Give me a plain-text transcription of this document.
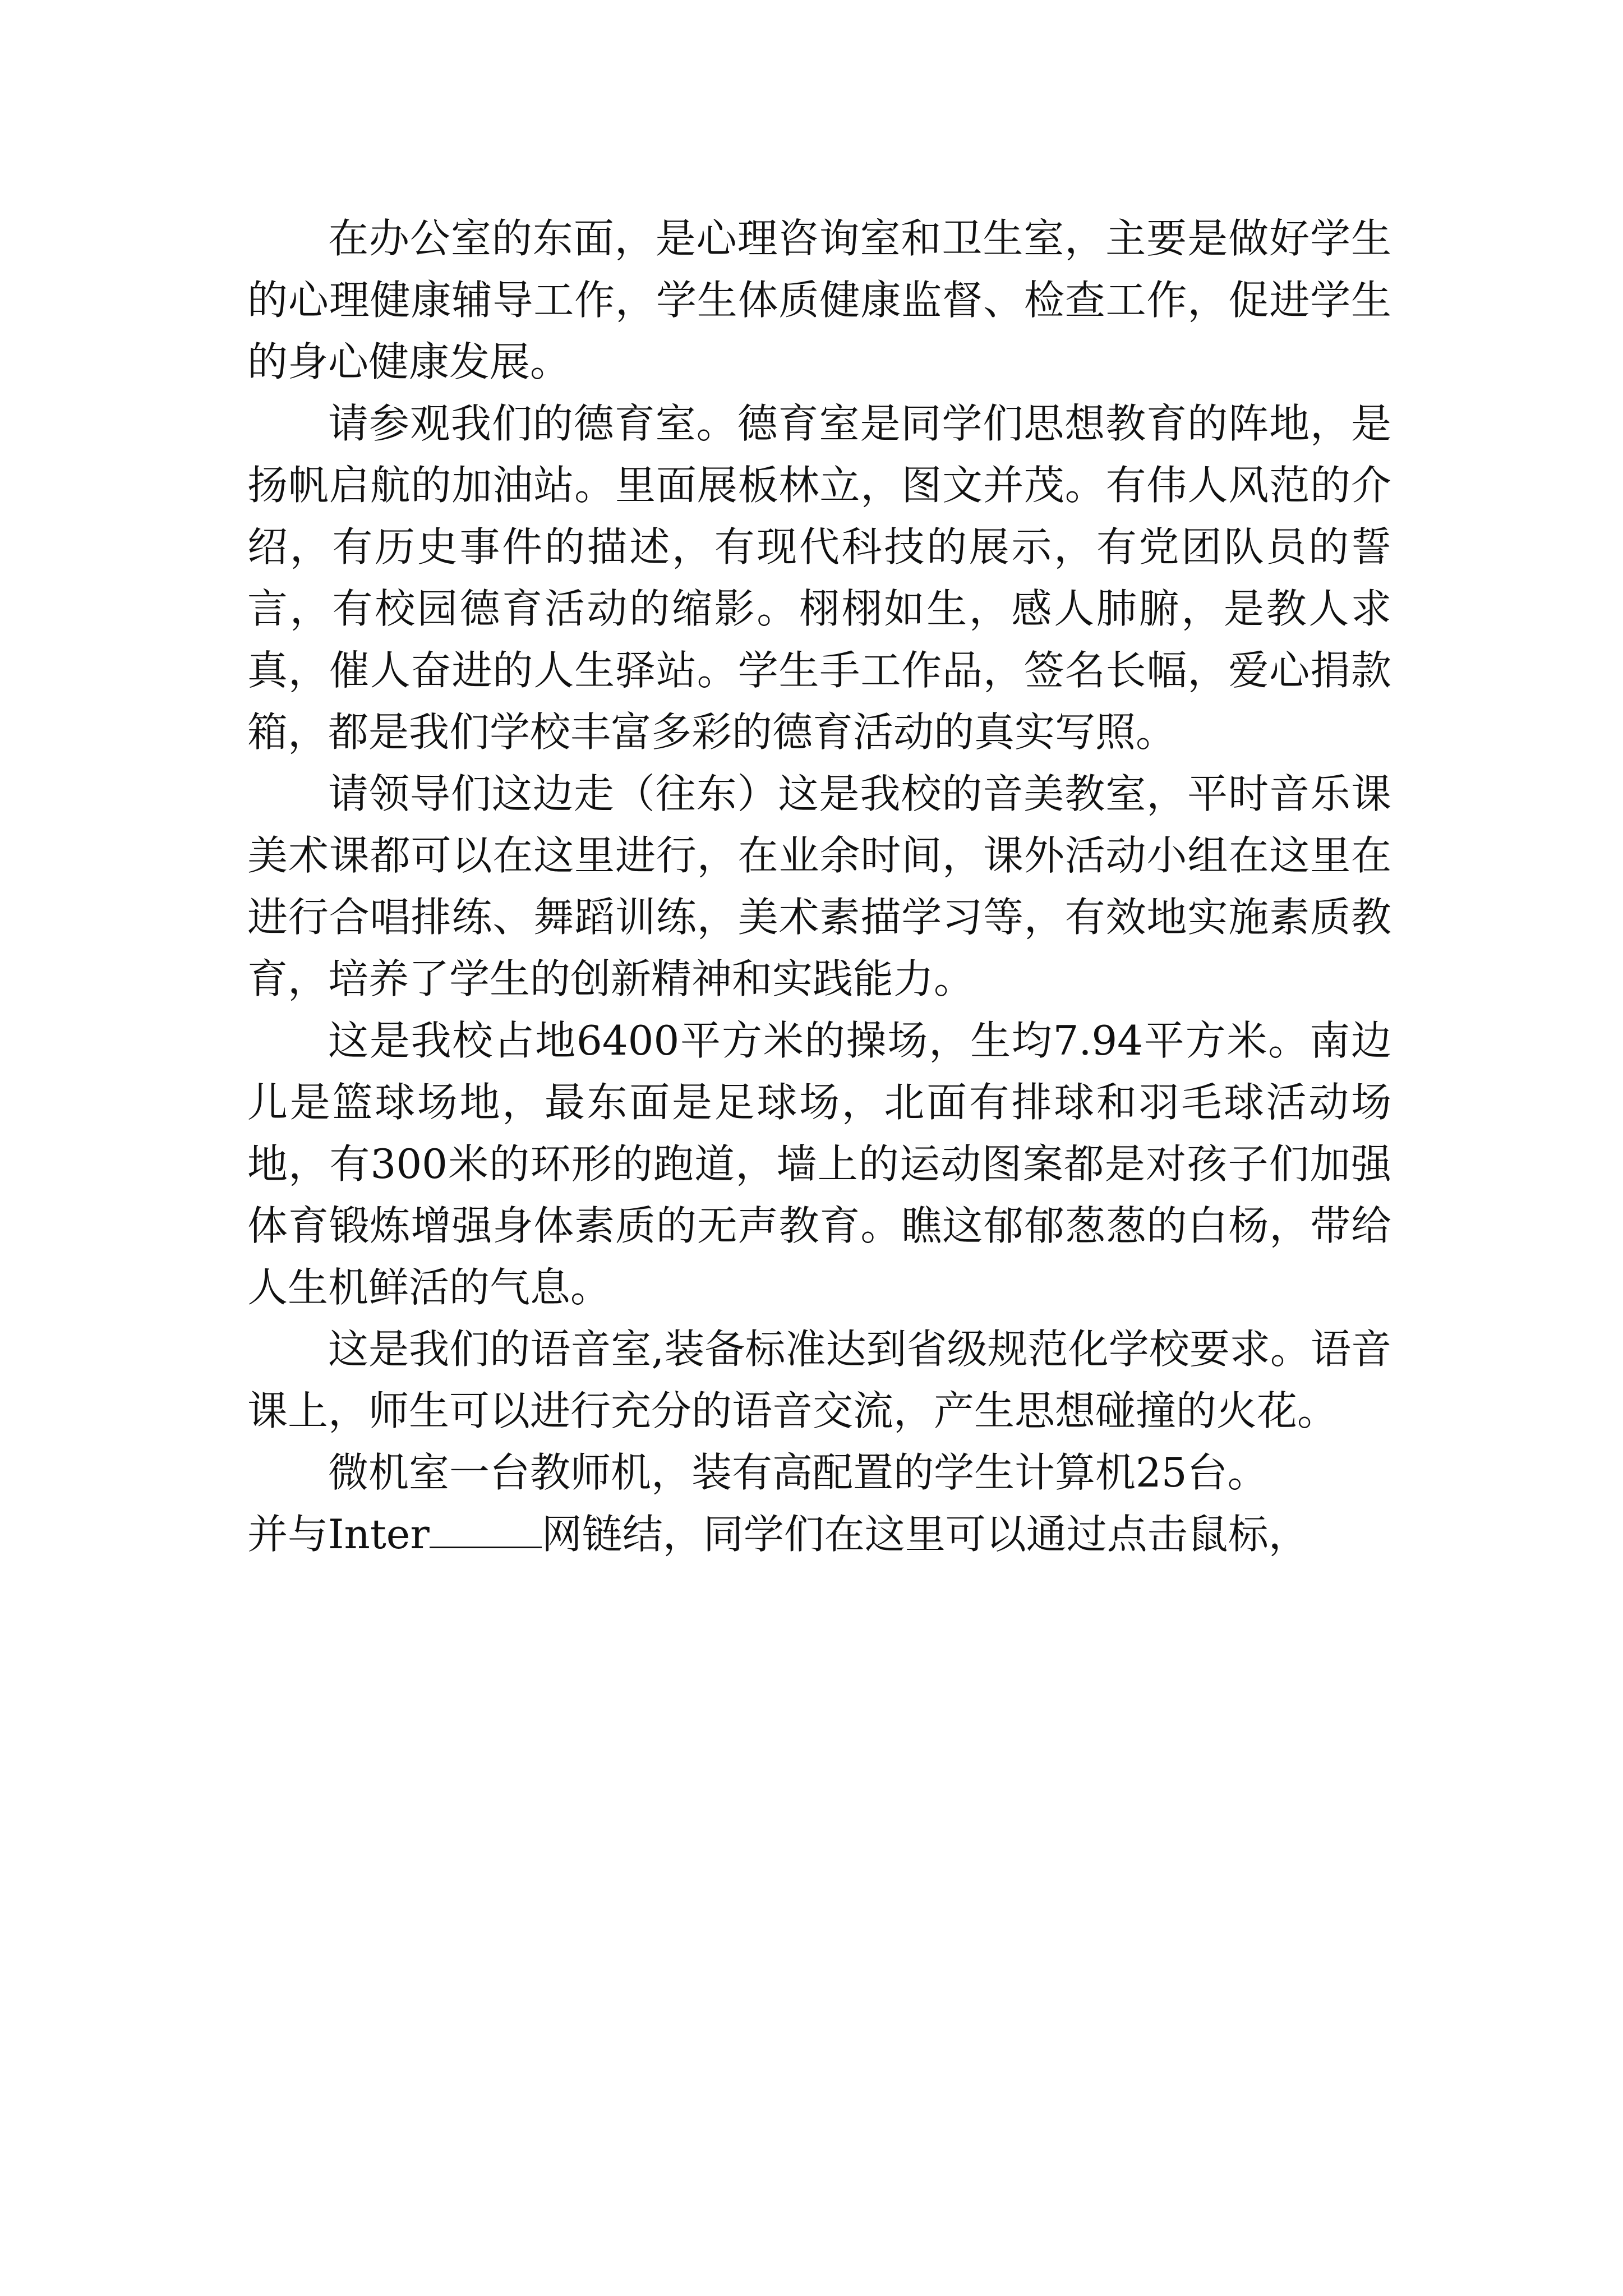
在办公室的东面，是心理咨询室和卫生室，主要是做好学生的心理健康辅导工作，学生体质健康监督、检查工作，促进学生的身心健康发展。

请参观我们的德育室。德育室是同学们思想教育的阵地，是扬帆启航的加油站。里面展板林立，图文并茂。有伟人风范的介绍，有历史事件的描述，有现代科技的展示，有党团队员的誓言，有校园德育活动的缩影。栩栩如生，感人肺腑，是教人求真，催人奋进的人生驿站。学生手工作品，签名长幅，爱心捐款箱，都是我们学校丰富多彩的德育活动的真实写照。

请领导们这边走（往东）这是我校的音美教室，平时音乐课美术课都可以在这里进行，在业余时间，课外活动小组在这里在进行合唱排练、舞蹈训练，美术素描学习等，有效地实施素质教育，培养了学生的创新精神和实践能力。

这是我校占地6400平方米的操场，生均7.94平方米。南边儿是篮球场地，最东面是足球场，北面有排球和羽毛球活动场地，有300米的环形的跑道，墙上的运动图案都是对孩子们加强体育锻炼增强身体素质的无声教育。瞧这郁郁葱葱的白杨，带给人生机鲜活的气息。

这是我们的语音室,装备标准达到省级规范化学校要求。语音课上，师生可以进行充分的语音交流，产生思想碰撞的火花。

微机室一台教师机，装有高配置的学生计算机25台。
并与Inter	网链结，同学们在这里可以通过点击鼠标，
